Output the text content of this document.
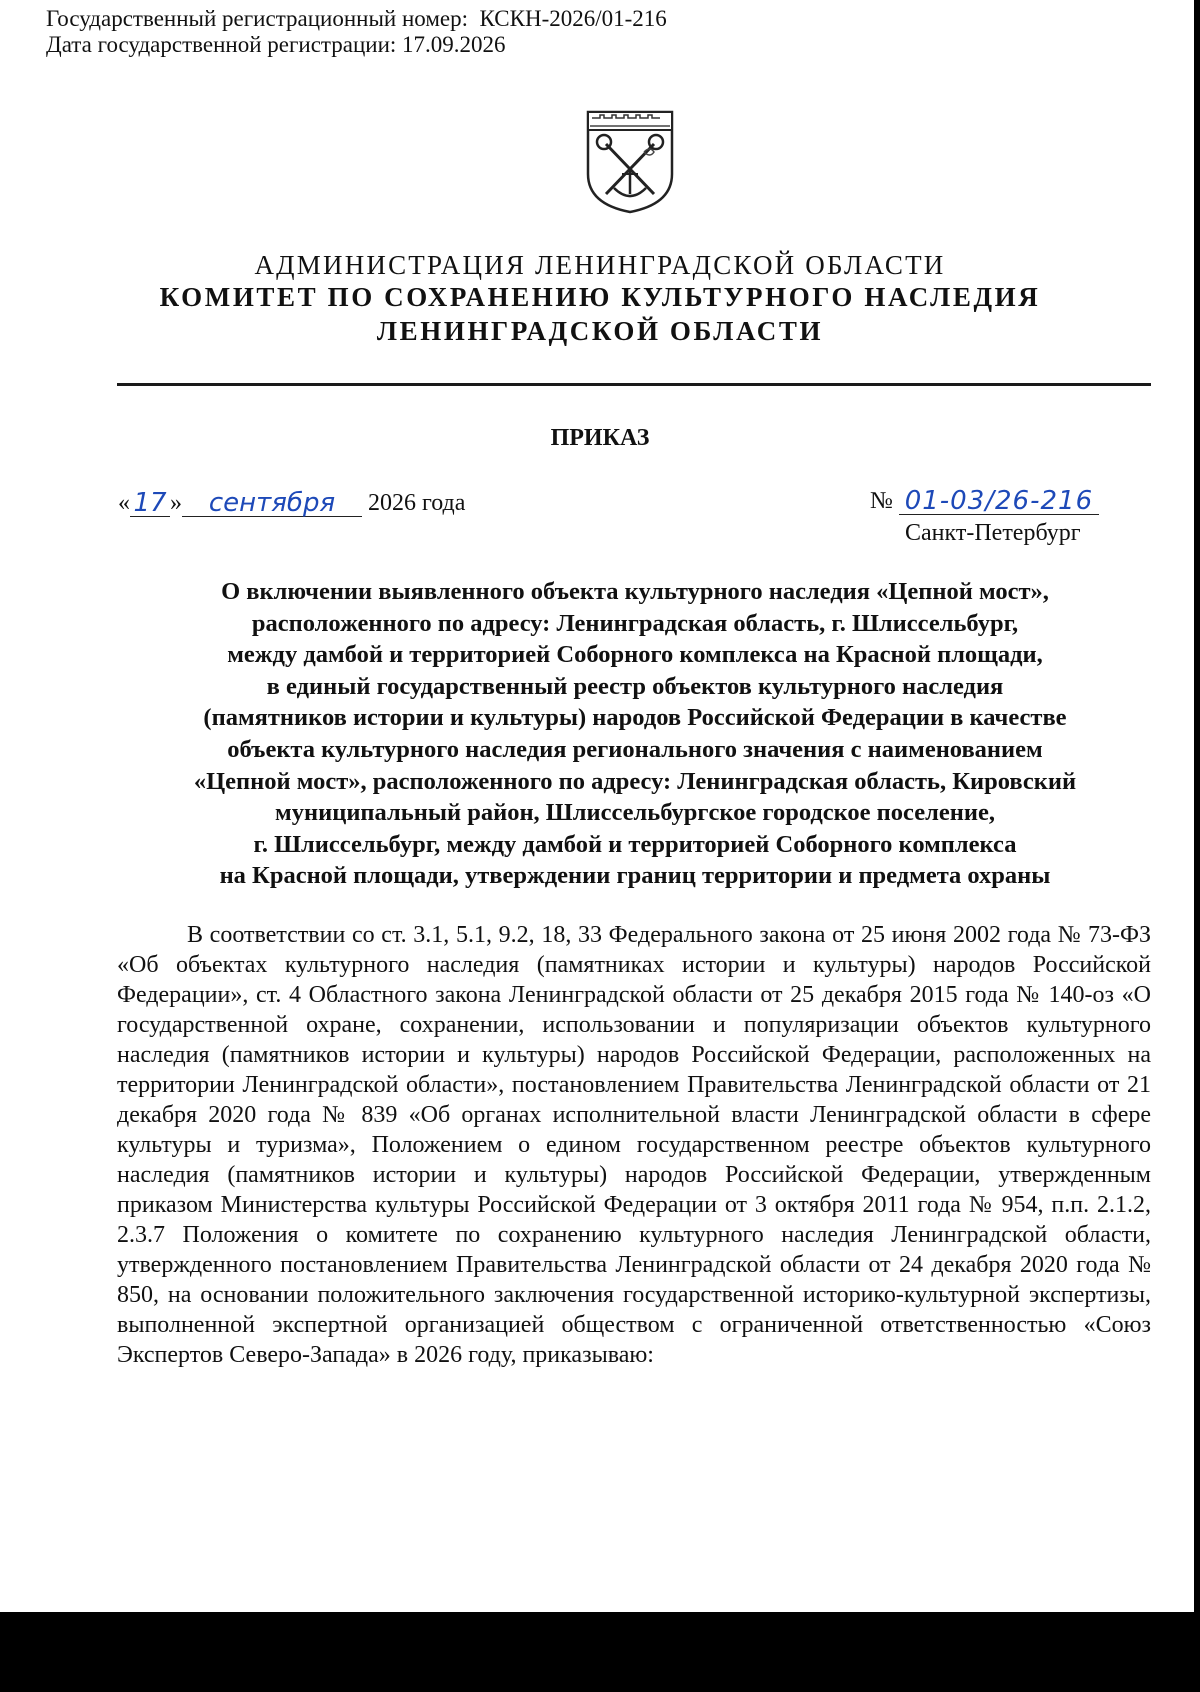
Государственный регистрационный номер:  КСКН-2026/01-216
Дата государственной регистрации: 17.09.2026
АДМИНИСТРАЦИЯ ЛЕНИНГРАДСКОЙ ОБЛАСТИ
КОМИТЕТ ПО СОХРАНЕНИЮ КУЛЬТУРНОГО НАСЛЕДИЯ
ЛЕНИНГРАДСКОЙ ОБЛАСТИ
ПРИКАЗ
« 17 »	сентября	2026 года	№ 01-03/26-216
Санкт-Петербург
О включении выявленного объекта культурного наследия «Цепной мост»,
расположенного по адресу: Ленинградская область, г. Шлиссельбург,
между дамбой и территорией Соборного комплекса на Красной площади,
в единый государственный реестр объектов культурного наследия
(памятников истории и культуры) народов Российской Федерации в качестве
объекта культурного наследия регионального значения с наименованием
«Цепной мост», расположенного по адресу: Ленинградская область, Кировский
муниципальный район, Шлиссельбургское городское поселение,
г. Шлиссельбург, между дамбой и территорией Соборного комплекса
на Красной площади, утверждении границ территории и предмета охраны

В соответствии со ст. 3.1, 5.1, 9.2, 18, 33 Федерального закона от 25 июня 2002 года № 73-ФЗ «Об объектах культурного наследия (памятниках истории и культуры) народов Российской Федерации», ст. 4 Областного закона Ленинградской области от 25 декабря 2015 года № 140-оз «О государственной охране, сохранении, использовании и популяризации объектов культурного наследия (памятников истории и культуры) народов Российской Федерации, расположенных на территории Ленинградской области», постановлением Правительства Ленинградской области от 21 декабря 2020 года № 839 «Об органах исполнительной власти Ленинградской области в сфере культуры и туризма», Положением о едином государственном реестре объектов культурного наследия (памятников истории и культуры) народов Российской Федерации, утвержденным приказом Министерства культуры Российской Федерации от 3 октября 2011 года № 954, п.п. 2.1.2, 2.3.7 Положения о комитете по сохранению культурного наследия Ленинградской области, утвержденного постановлением Правительства Ленинградской области от 24 декабря 2020 года № 850, на основании положительного заключения государственной историко-культурной экспертизы, выполненной экспертной организацией обществом с ограниченной ответственностью «Союз Экспертов Северо-Запада» в 2026 году, приказываю:
